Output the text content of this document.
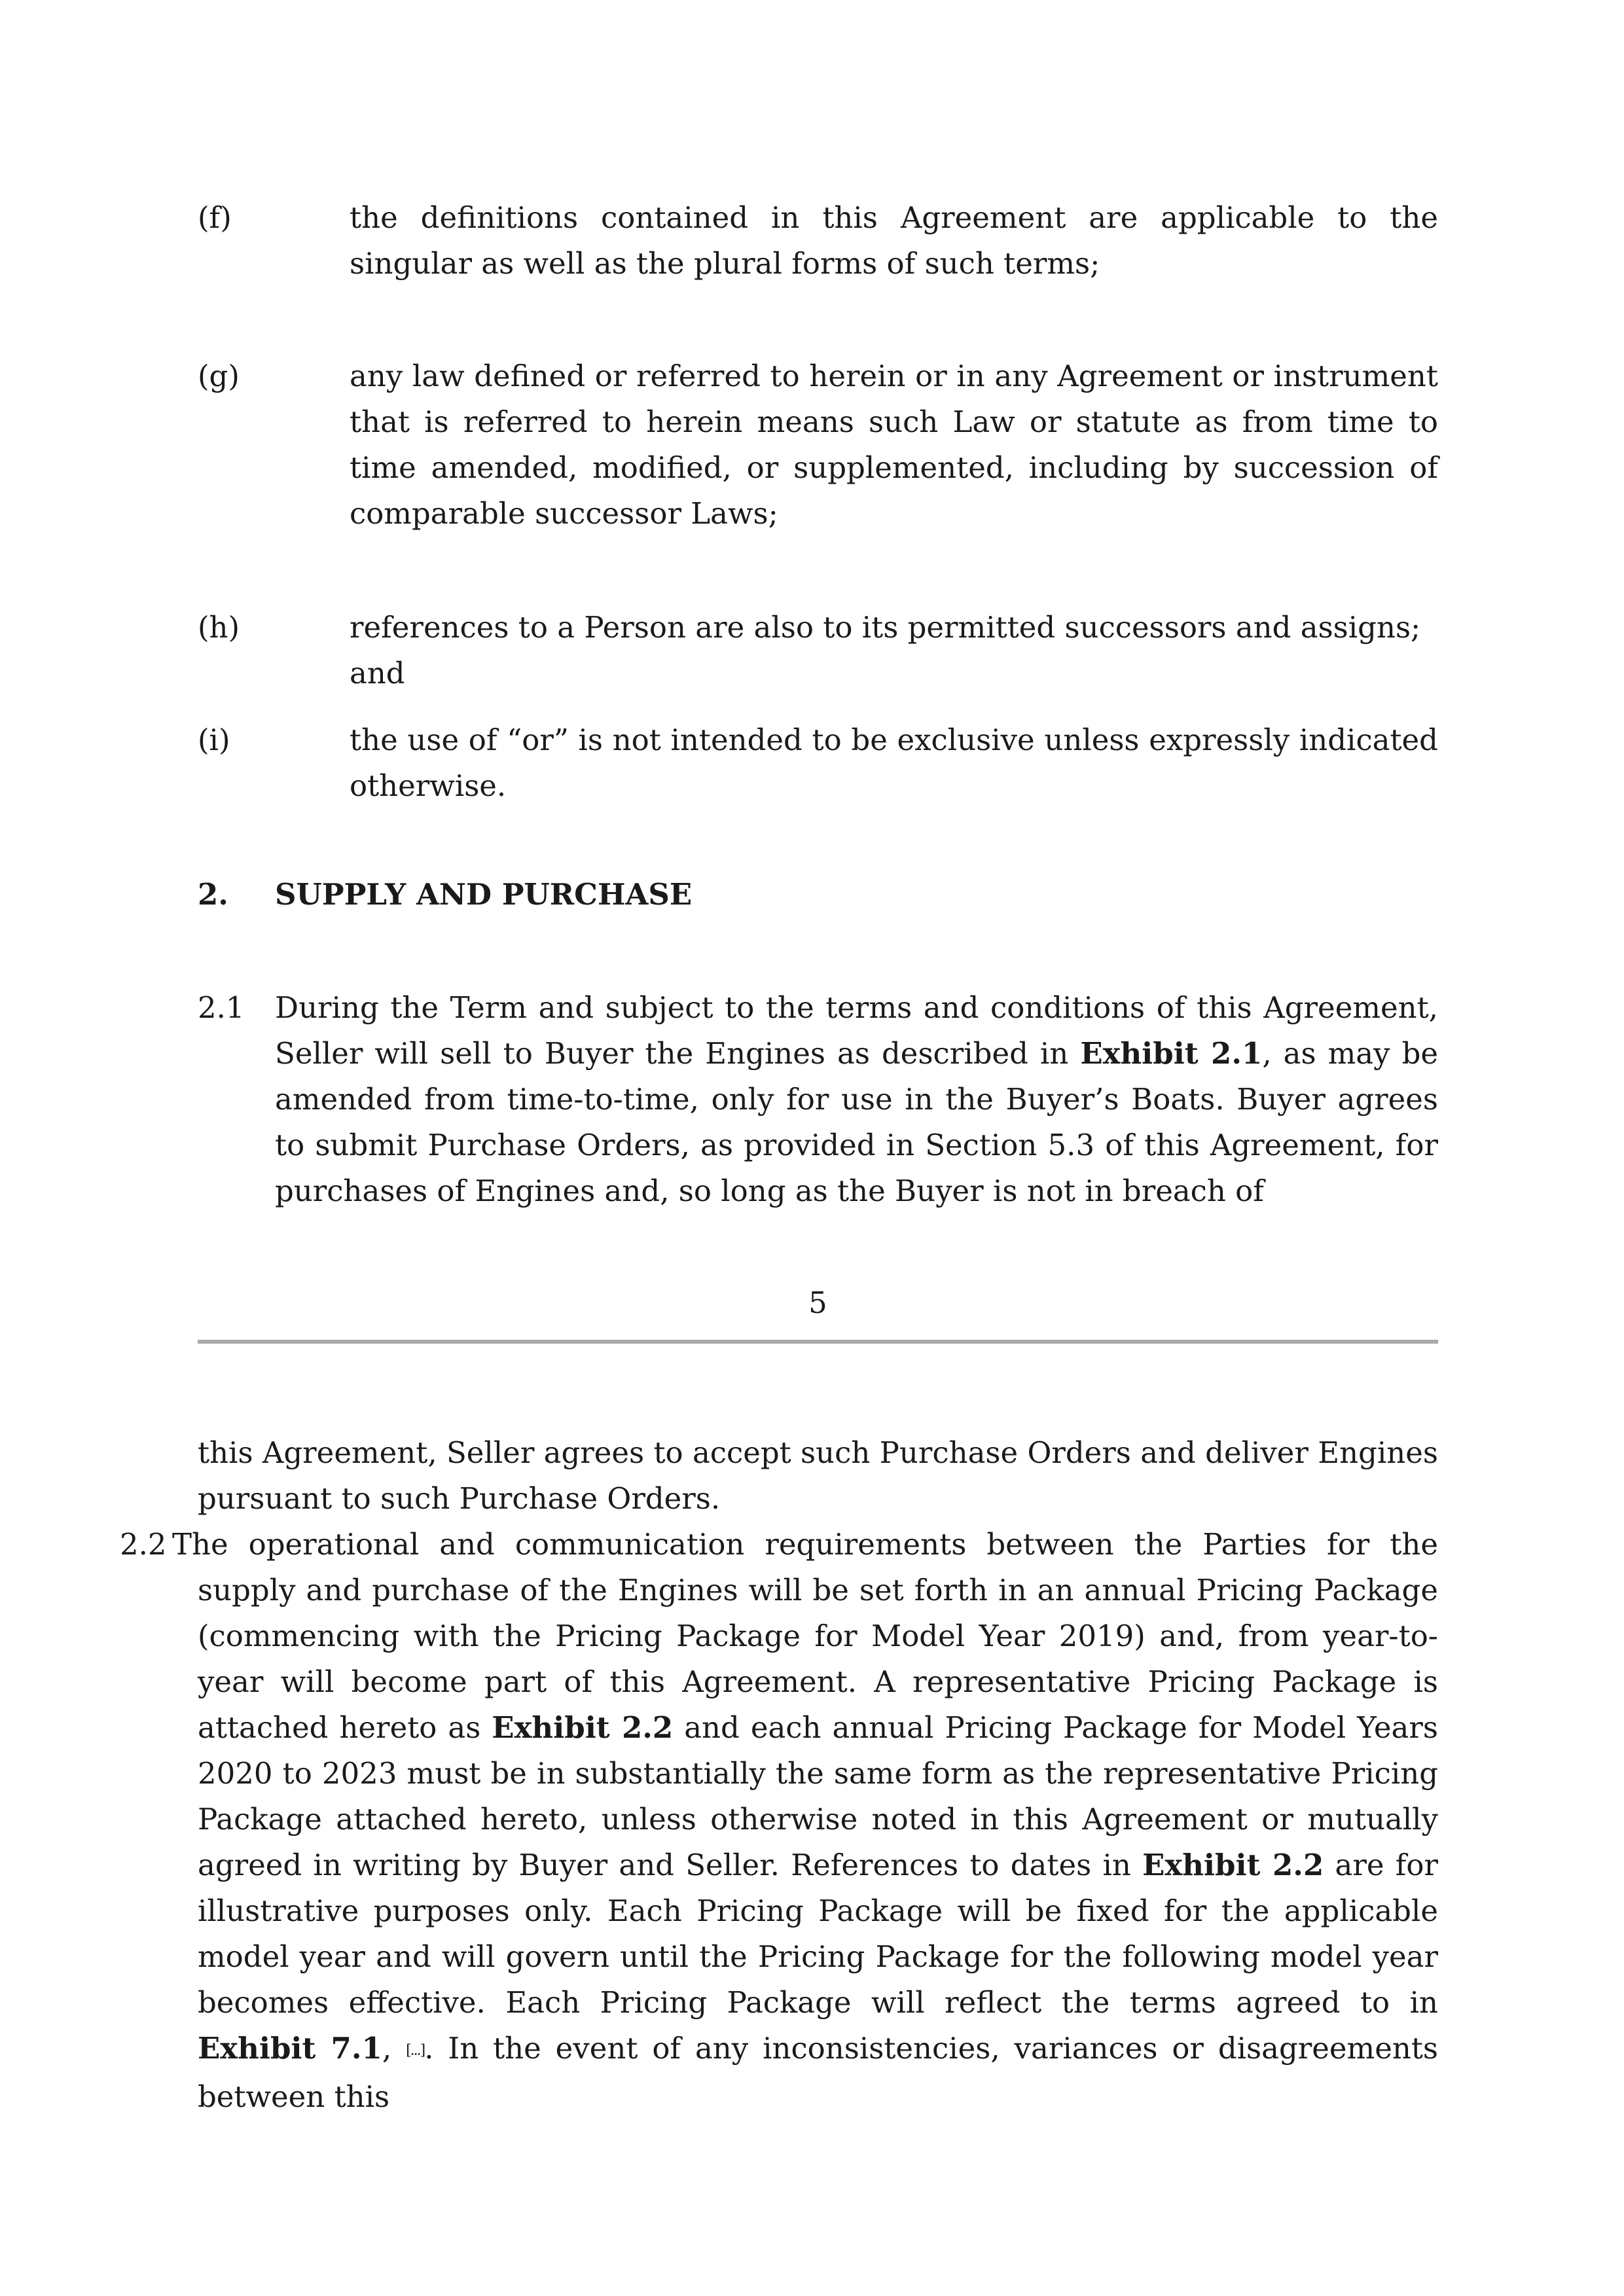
(f)	the definitions contained in this Agreement are applicable to the singular as well as the plural forms of such terms;
(g)	any law defined or referred to herein or in any Agreement or instrument that is referred to herein means such Law or statute as from time to time amended, modified, or supplemented, including by succession of comparable successor Laws;
(h)	references to a Person are also to its permitted successors and assigns; and
(i)	the use of “or” is not intended to be exclusive unless expressly indicated otherwise.
2. SUPPLY AND PURCHASE
2.1 During the Term and subject to the terms and conditions of this Agreement, Seller will sell to Buyer the Engines as described in Exhibit 2.1, as may be amended from time-to-time, only for use in the Buyer’s Boats. Buyer agrees to submit Purchase Orders, as provided in Section 5.3 of this Agreement, for purchases of Engines and, so long as the Buyer is not in breach of
5
this Agreement, Seller agrees to accept such Purchase Orders and deliver Engines pursuant to such Purchase Orders.
2.2 The operational and communication requirements between the Parties for the supply and purchase of the Engines will be set forth in an annual Pricing Package (commencing with the Pricing Package for Model Year 2019) and, from year-to-year will become part of this Agreement. A representative Pricing Package is attached hereto as Exhibit 2.2 and each annual Pricing Package for Model Years 2020 to 2023 must be in substantially the same form as the representative Pricing Package attached hereto, unless otherwise noted in this Agreement or mutually agreed in writing by Buyer and Seller. References to dates in Exhibit 2.2 are for illustrative purposes only. Each Pricing Package will be fixed for the applicable model year and will govern until the Pricing Package for the following model year becomes effective. Each Pricing Package will reflect the terms agreed to in Exhibit 7.1, [...]. In the event of any inconsistencies, variances or disagreements between this
